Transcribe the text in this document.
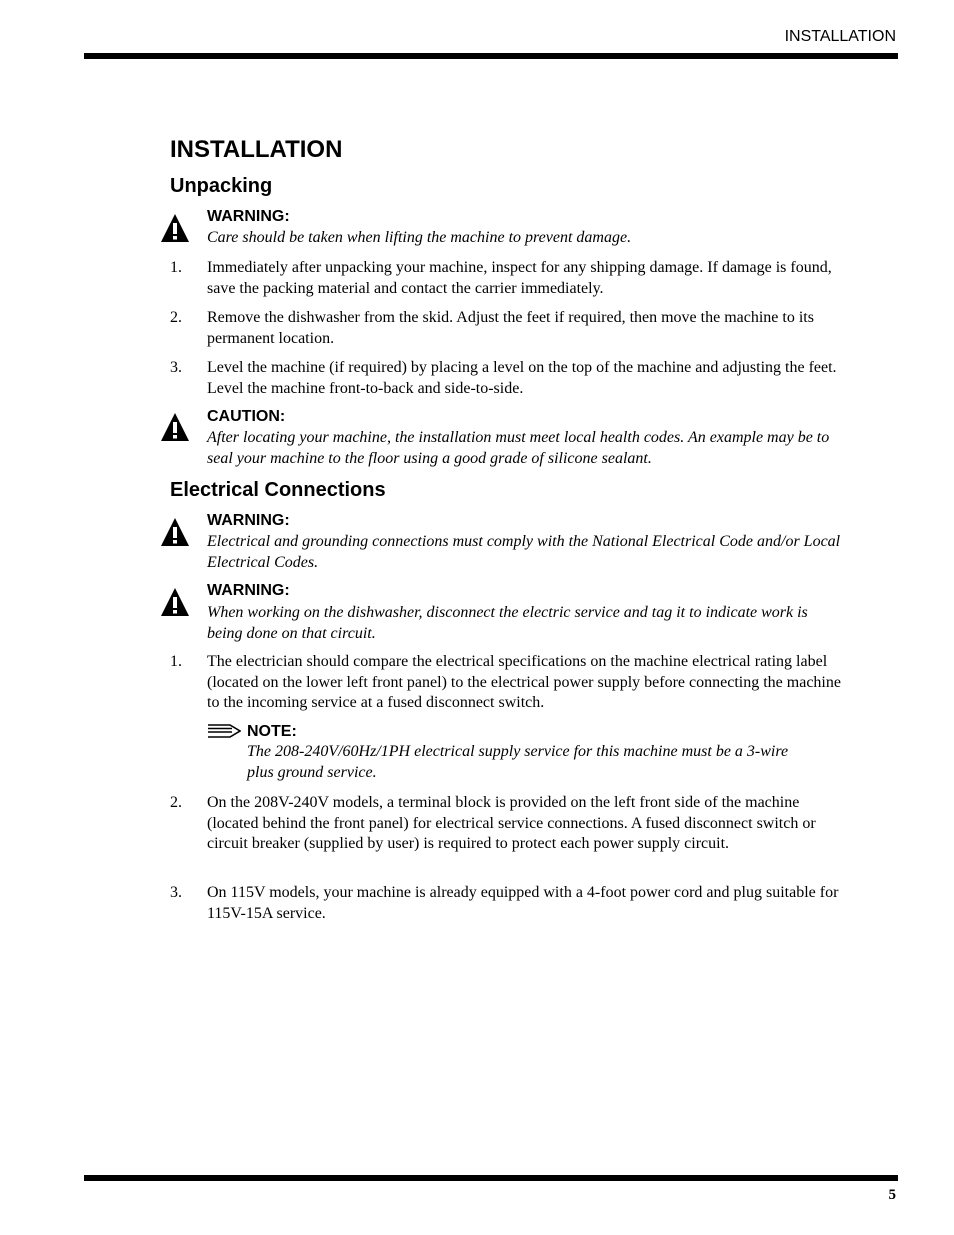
INSTALLATION
INSTALLATION
Unpacking
WARNING:
Care should be taken when lifting the machine to prevent damage.
1. Immediately after unpacking your machine, inspect for any shipping damage. If damage is found, save the packing material and contact the carrier immediately.
2. Remove the dishwasher from the skid. Adjust the feet if required, then move the machine to its permanent location.
3. Level the machine (if required) by placing a level on the top of the machine and adjusting the feet. Level the machine front-to-back and side-to-side.
CAUTION:
After locating your machine, the installation must meet local health codes. An example may be to seal your machine to the floor using a good grade of silicone sealant.
Electrical Connections
WARNING:
Electrical and grounding connections must comply with the National Electrical Code and/or Local Electrical Codes.
WARNING:
When working on the dishwasher, disconnect the electric service and tag it to indicate work is being done on that circuit.
1. The electrician should compare the electrical specifications on the machine electrical rating label (located on the lower left front panel) to the electrical power supply before connecting the machine to the incoming service at a fused disconnect switch.
NOTE:
The 208-240V/60Hz/1PH electrical supply service for this machine must be a 3-wire plus ground service.
2. On the 208V-240V models, a terminal block is provided on the left front side of the machine (located behind the front panel) for electrical service connections. A fused disconnect switch or circuit breaker (supplied by user) is required to protect each power supply circuit.
3. On 115V models, your machine is already equipped with a 4-foot power cord and plug suitable for 115V-15A service.
5
